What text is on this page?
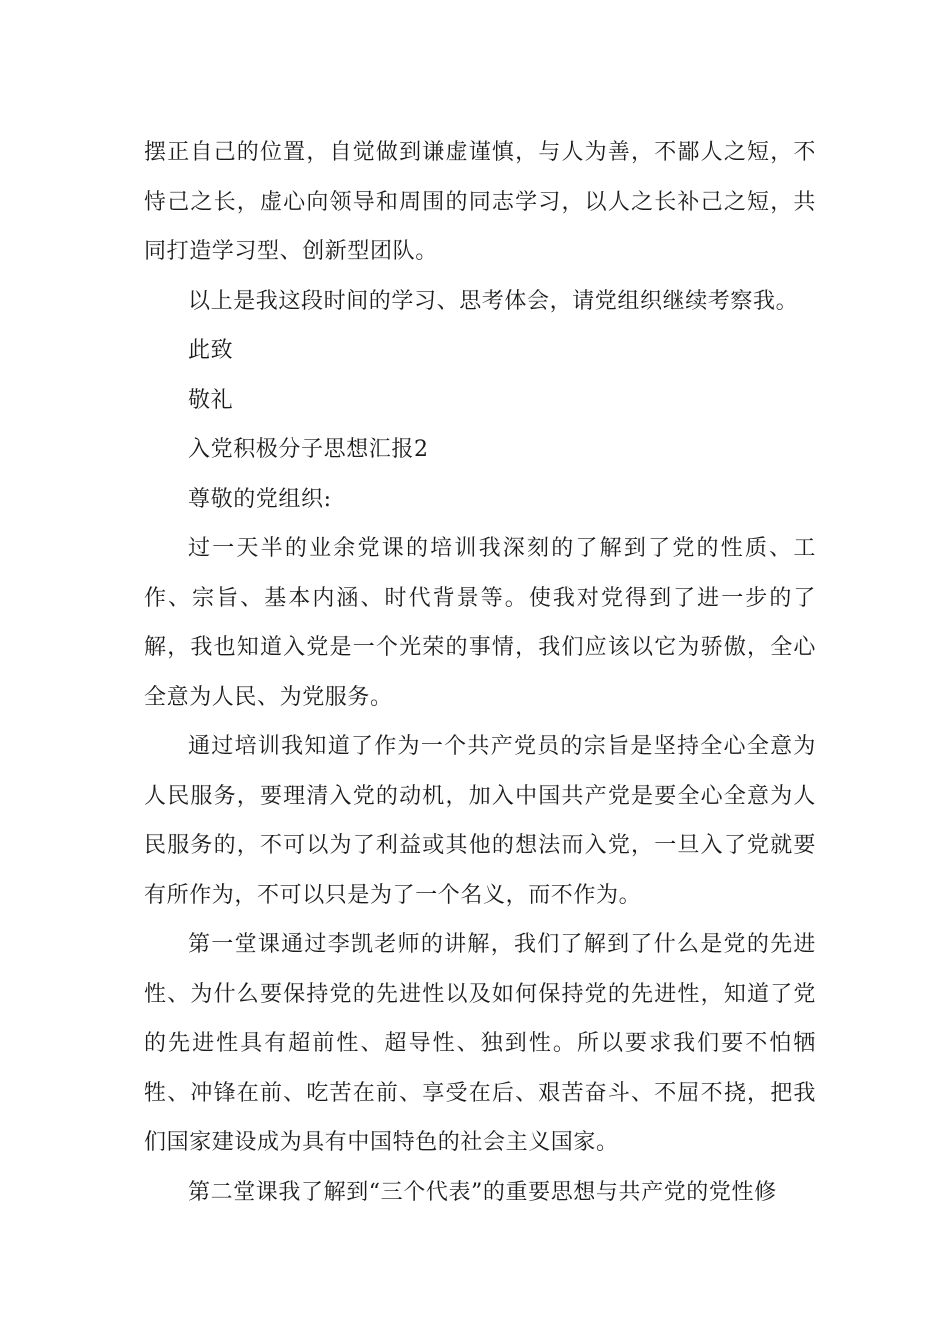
摆正自己的位置，自觉做到谦虚谨慎，与人为善，不鄙人之短，不恃己之长，虚心向领导和周围的同志学习，以人之长补己之短，共同打造学习型、创新型团队。

以上是我这段时间的学习、思考体会，请党组织继续考察我。

此致

敬礼

入党积极分子思想汇报2

尊敬的党组织:

过一天半的业余党课的培训我深刻的了解到了党的性质、工作、宗旨、基本内涵、时代背景等。使我对党得到了进一步的了解，我也知道入党是一个光荣的事情，我们应该以它为骄傲，全心全意为人民、为党服务。

通过培训我知道了作为一个共产党员的宗旨是坚持全心全意为人民服务，要理清入党的动机，加入中国共产党是要全心全意为人民服务的，不可以为了利益或其他的想法而入党，一旦入了党就要有所作为，不可以只是为了一个名义，而不作为。

第一堂课通过李凯老师的讲解，我们了解到了什么是党的先进性、为什么要保持党的先进性以及如何保持党的先进性，知道了党的先进性具有超前性、超导性、独到性。所以要求我们要不怕牺牲、冲锋在前、吃苦在前、享受在后、艰苦奋斗、不屈不挠，把我们国家建设成为具有中国特色的社会主义国家。

第二堂课我了解到“三个代表”的重要思想与共产党的党性修
